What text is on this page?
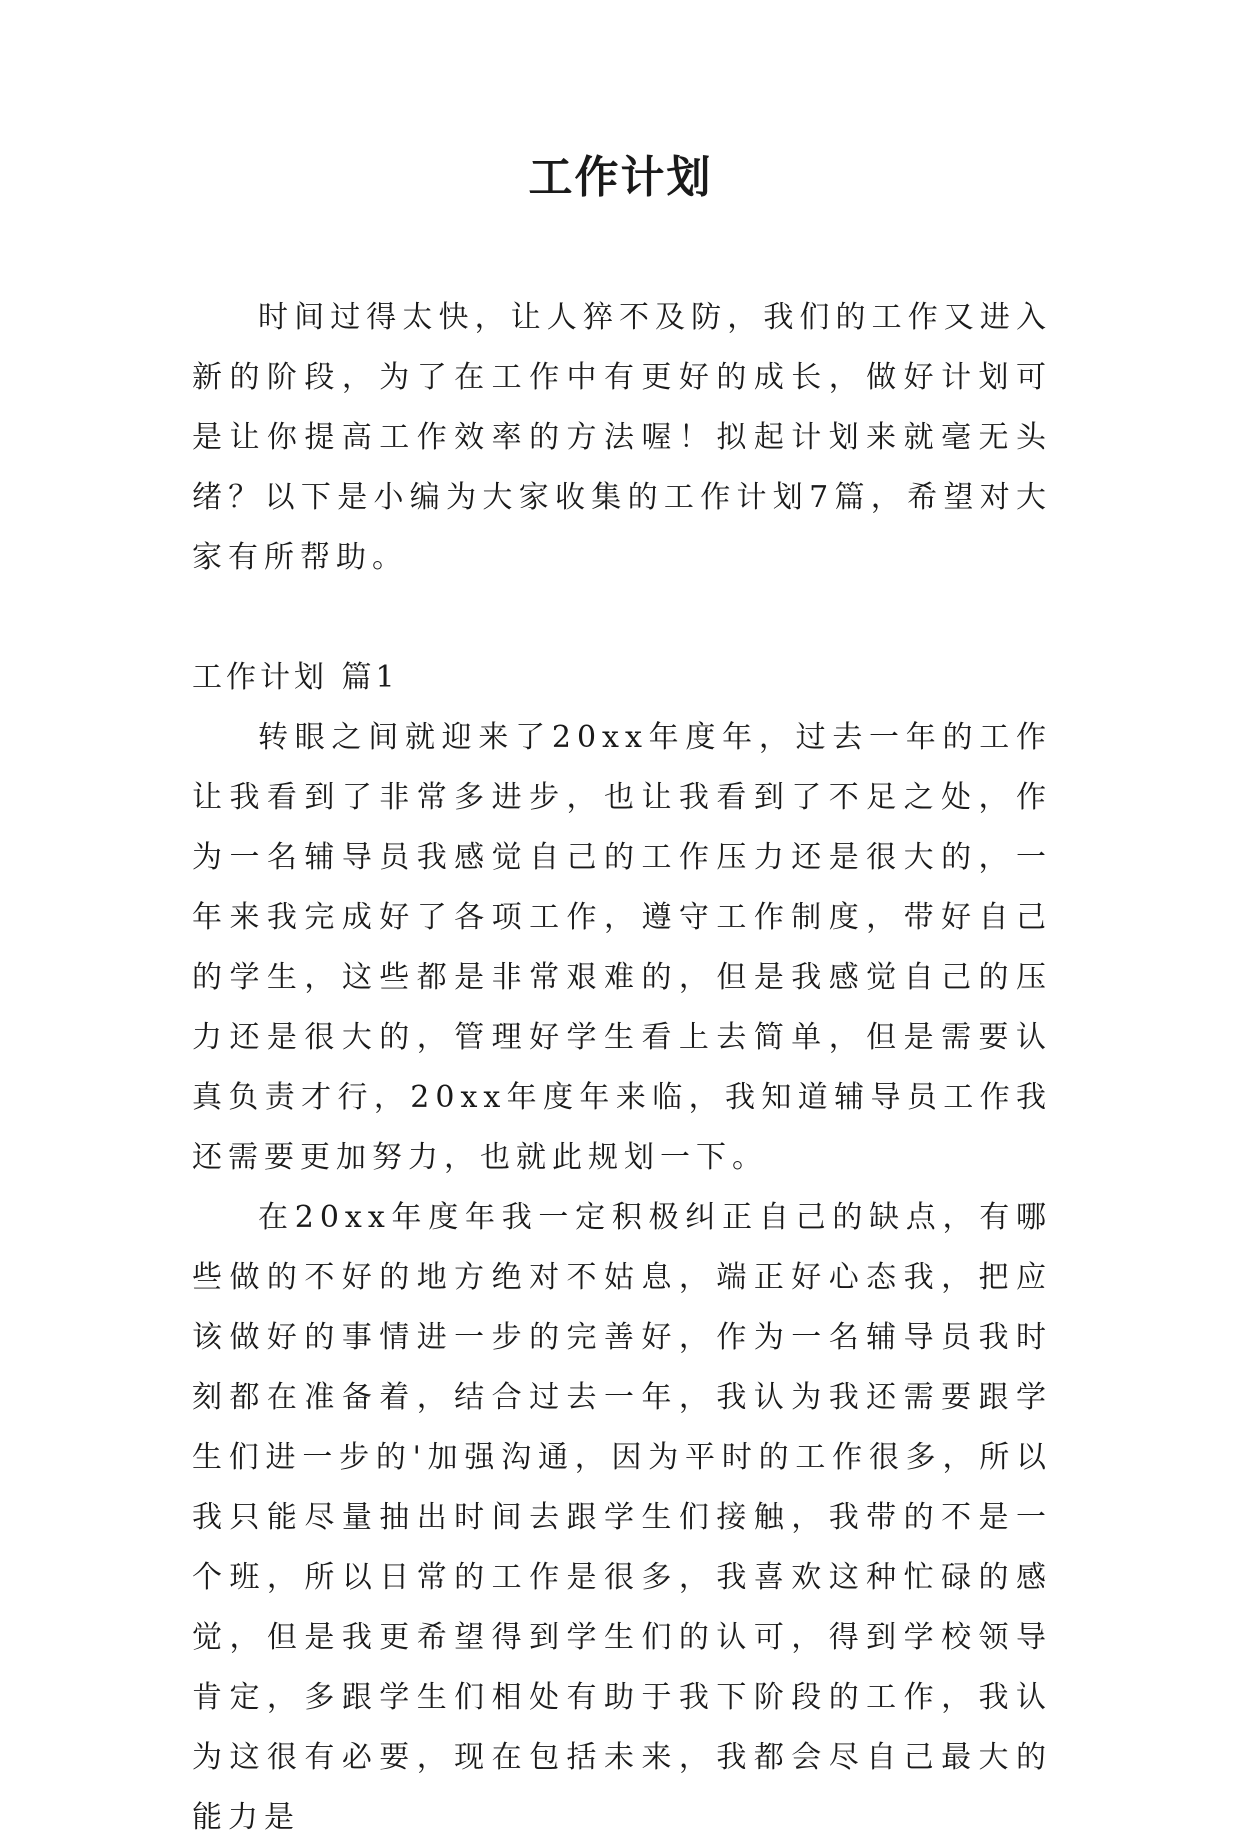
工作计划

时间过得太快，让人猝不及防，我们的工作又进入新的阶段，为了在工作中有更好的成长，做好计划可是让你提高工作效率的方法喔！拟起计划来就毫无头绪？以下是小编为大家收集的工作计划7篇，希望对大家有所帮助。

工作计划 篇1

转眼之间就迎来了20xx年度年，过去一年的工作让我看到了非常多进步，也让我看到了不足之处，作为一名辅导员我感觉自己的工作压力还是很大的，一年来我完成好了各项工作，遵守工作制度，带好自己的学生，这些都是非常艰难的，但是我感觉自己的压力还是很大的，管理好学生看上去简单，但是需要认真负责才行，20xx年度年来临，我知道辅导员工作我还需要更加努力，也就此规划一下。

在20xx年度年我一定积极纠正自己的缺点，有哪些做的不好的地方绝对不姑息，端正好心态我，把应该做好的事情进一步的完善好，作为一名辅导员我时刻都在准备着，结合过去一年，我认为我还需要跟学生们进一步的'加强沟通，因为平时的工作很多，所以我只能尽量抽出时间去跟学生们接触，我带的不是一个班，所以日常的工作是很多，我喜欢这种忙碌的感觉，但是我更希望得到学生们的认可，得到学校领导肯定，多跟学生们相处有助于我下阶段的工作，我认为这很有必要，现在包括未来，我都会尽自己最大的能力是
